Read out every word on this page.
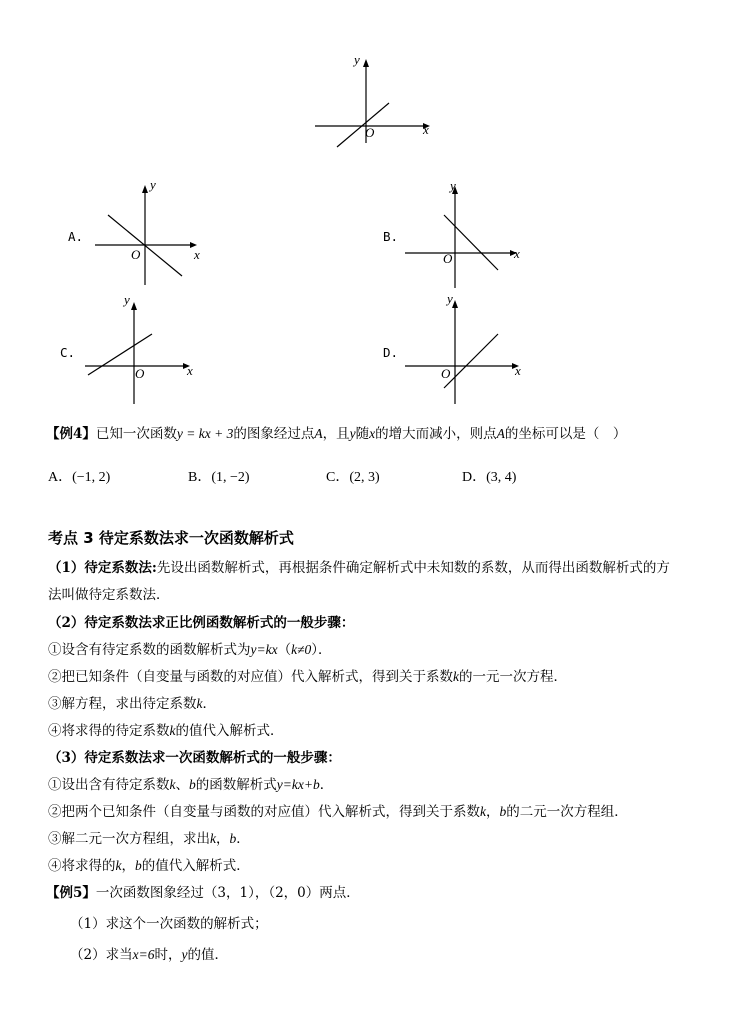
x
y
O
A.
x
y
O
B.
x
y
O
C.
x
y
O
D.
x
y
O
【例4】已知一次函数y = kx + 3的图象经过点A，且y随x的增大而减小，则点A的坐标可以是（　）
A．(−1, 2)	B．(1, −2)	C．(2, 3)	D．(3, 4)
考点 3 待定系数法求一次函数解析式
（1）待定系数法:先设出函数解析式，再根据条件确定解析式中未知数的系数，从而得出函数解析式的方
法叫做待定系数法．
（2）待定系数法求正比例函数解析式的一般步骤：
①设含有待定系数的函数解析式为y=kx（k≠0）．
②把已知条件（自变量与函数的对应值）代入解析式，得到关于系数k的一元一次方程．
③解方程，求出待定系数k．
④将求得的待定系数k的值代入解析式．
（3）待定系数法求一次函数解析式的一般步骤：
①设出含有待定系数k、b的函数解析式y=kx+b．
②把两个已知条件（自变量与函数的对应值）代入解析式，得到关于系数k，b的二元一次方程组．
③解二元一次方程组，求出k，b．
④将求得的k，b的值代入解析式．
【例5】一次函数图象经过（3，1），（2，0）两点．
（1）求这个一次函数的解析式；
（2）求当x=6时，y的值．
